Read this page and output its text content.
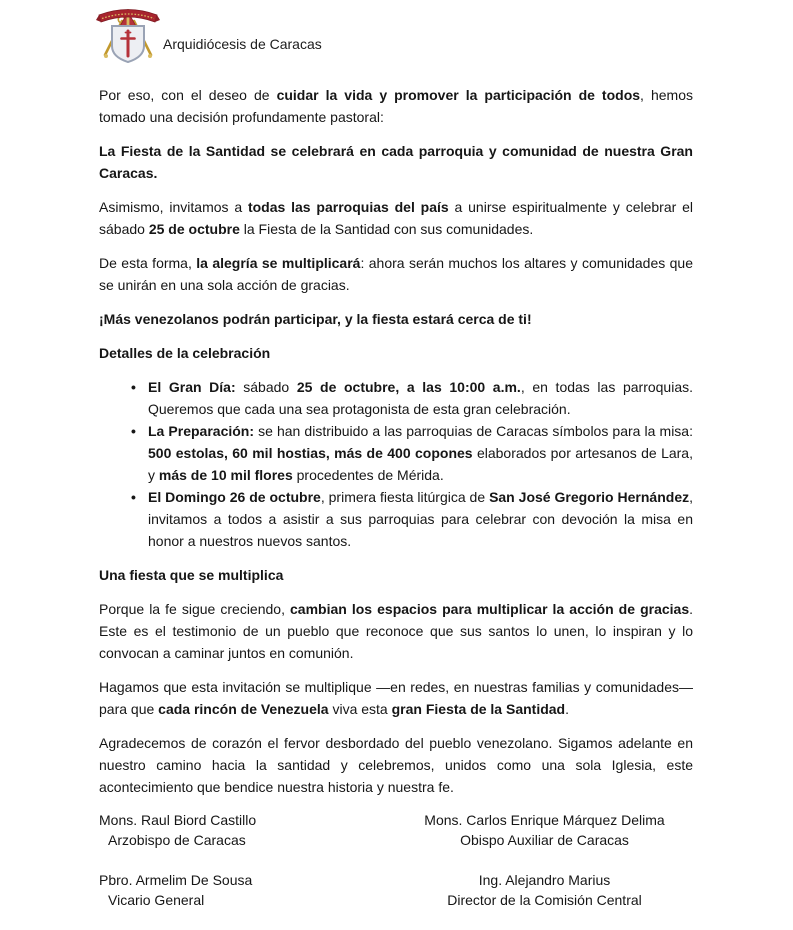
Arquidiócesis de Caracas

Por eso, con el deseo de cuidar la vida y promover la participación de todos, hemos tomado una decisión profundamente pastoral:

La Fiesta de la Santidad se celebrará en cada parroquia y comunidad de nuestra Gran Caracas.

Asimismo, invitamos a todas las parroquias del país a unirse espiritualmente y celebrar el sábado 25 de octubre la Fiesta de la Santidad con sus comunidades.

De esta forma, la alegría se multiplicará: ahora serán muchos los altares y comunidades que se unirán en una sola acción de gracias.

¡Más venezolanos podrán participar, y la fiesta estará cerca de ti!

Detalles de la celebración

• El Gran Día: sábado 25 de octubre, a las 10:00 a.m., en todas las parroquias. Queremos que cada una sea protagonista de esta gran celebración.
• La Preparación: se han distribuido a las parroquias de Caracas símbolos para la misa: 500 estolas, 60 mil hostias, más de 400 copones elaborados por artesanos de Lara, y más de 10 mil flores procedentes de Mérida.
• El Domingo 26 de octubre, primera fiesta litúrgica de San José Gregorio Hernández, invitamos a todos a asistir a sus parroquias para celebrar con devoción la misa en honor a nuestros nuevos santos.

Una fiesta que se multiplica

Porque la fe sigue creciendo, cambian los espacios para multiplicar la acción de gracias. Este es el testimonio de un pueblo que reconoce que sus santos lo unen, lo inspiran y lo convocan a caminar juntos en comunión.

Hagamos que esta invitación se multiplique —en redes, en nuestras familias y comunidades— para que cada rincón de Venezuela viva esta gran Fiesta de la Santidad.

Agradecemos de corazón el fervor desbordado del pueblo venezolano. Sigamos adelante en nuestro camino hacia la santidad y celebremos, unidos como una sola Iglesia, este acontecimiento que bendice nuestra historia y nuestra fe.

Mons. Raul Biord Castillo
Arzobispo de Caracas
Mons. Carlos Enrique Márquez Delima
Obispo Auxiliar de Caracas
Pbro. Armelim De Sousa
Vicario General
Ing. Alejandro Marius
Director de la Comisión Central
